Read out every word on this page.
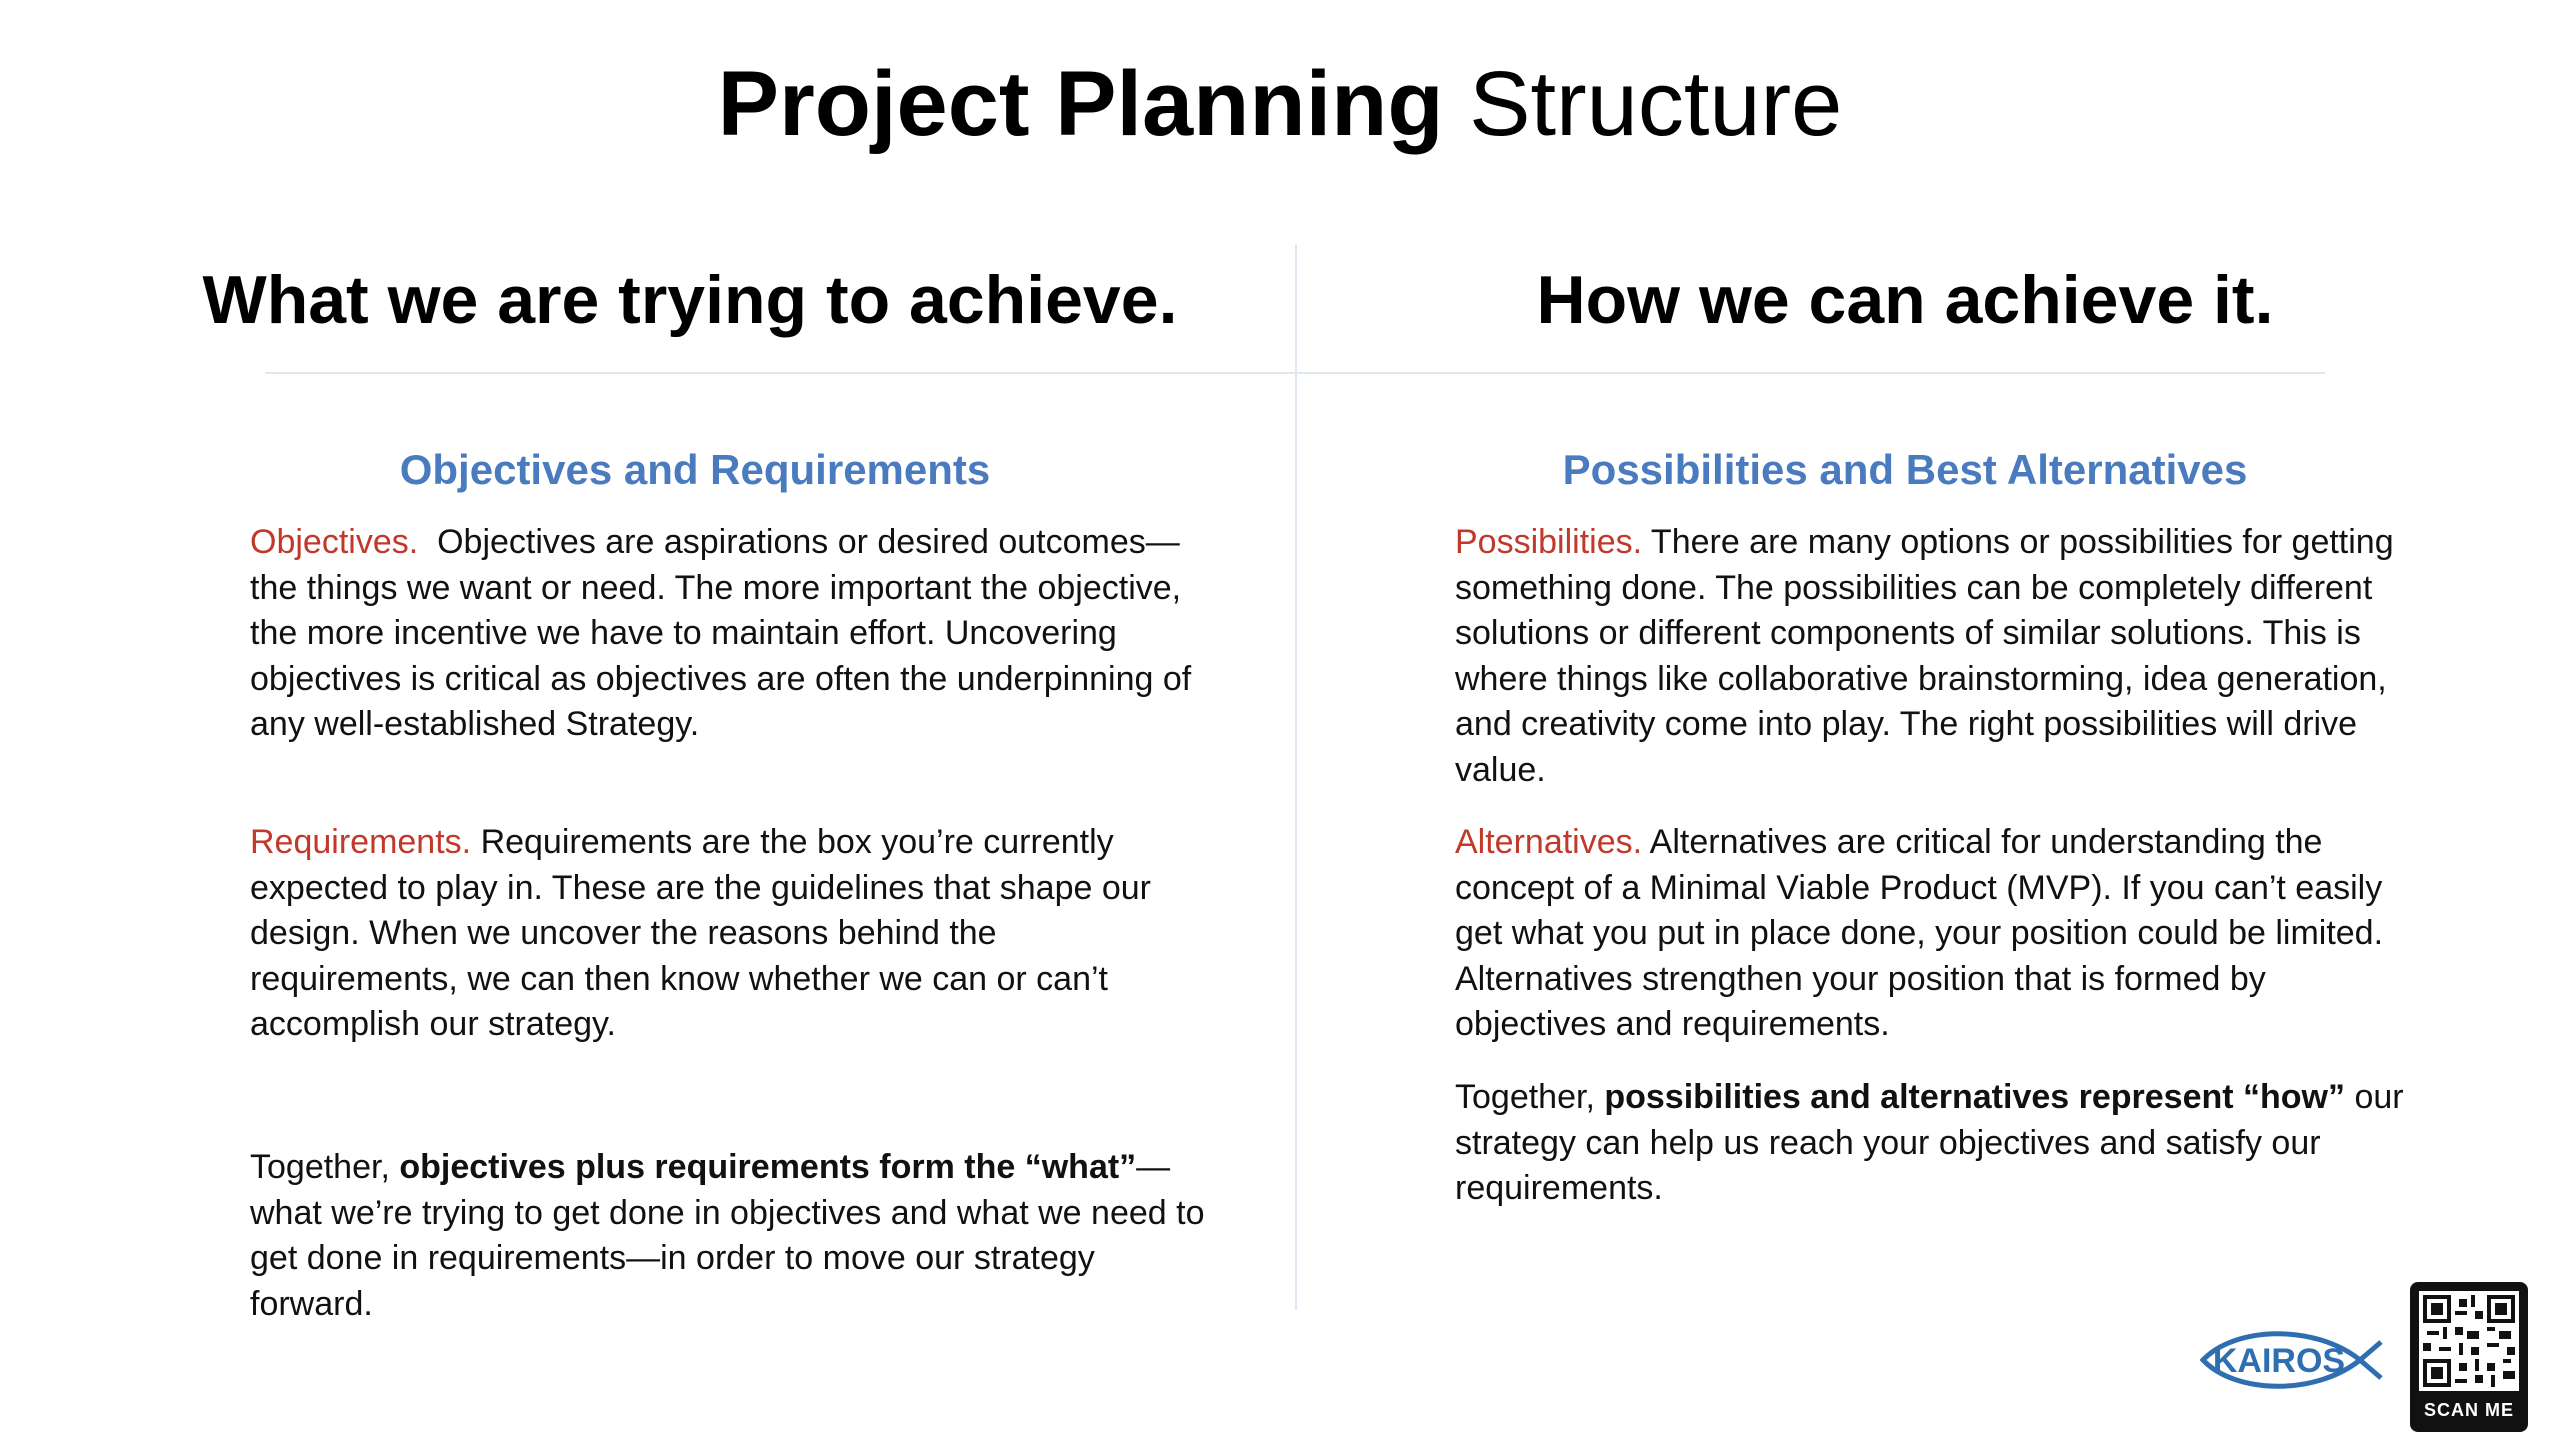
Project Planning Structure
What we are trying to achieve.	How we can achieve it.
Objectives and Requirements	Possibilities and Best Alternatives

Objectives. Objectives are aspirations or desired outcomes—the things we want or need. The more important the objective, the more incentive we have to maintain effort. Uncovering objectives is critical as objectives are often the underpinning of any well-established Strategy.

Requirements. Requirements are the box you’re currently expected to play in. These are the guidelines that shape our design. When we uncover the reasons behind the requirements, we can then know whether we can or can’t accomplish our strategy.

Together, objectives plus requirements form the “what”—what we’re trying to get done in objectives and what we need to get done in requirements—in order to move our strategy forward.

Possibilities. There are many options or possibilities for getting something done. The possibilities can be completely different solutions or different components of similar solutions. This is where things like collaborative brainstorming, idea generation, and creativity come into play. The right possibilities will drive value.

Alternatives. Alternatives are critical for understanding the concept of a Minimal Viable Product (MVP). If you can’t easily get what you put in place done, your position could be limited. Alternatives strengthen your position that is formed by objectives and requirements.

Together, possibilities and alternatives represent “how” our strategy can help us reach your objectives and satisfy our requirements.

KAIROS
SCAN ME
